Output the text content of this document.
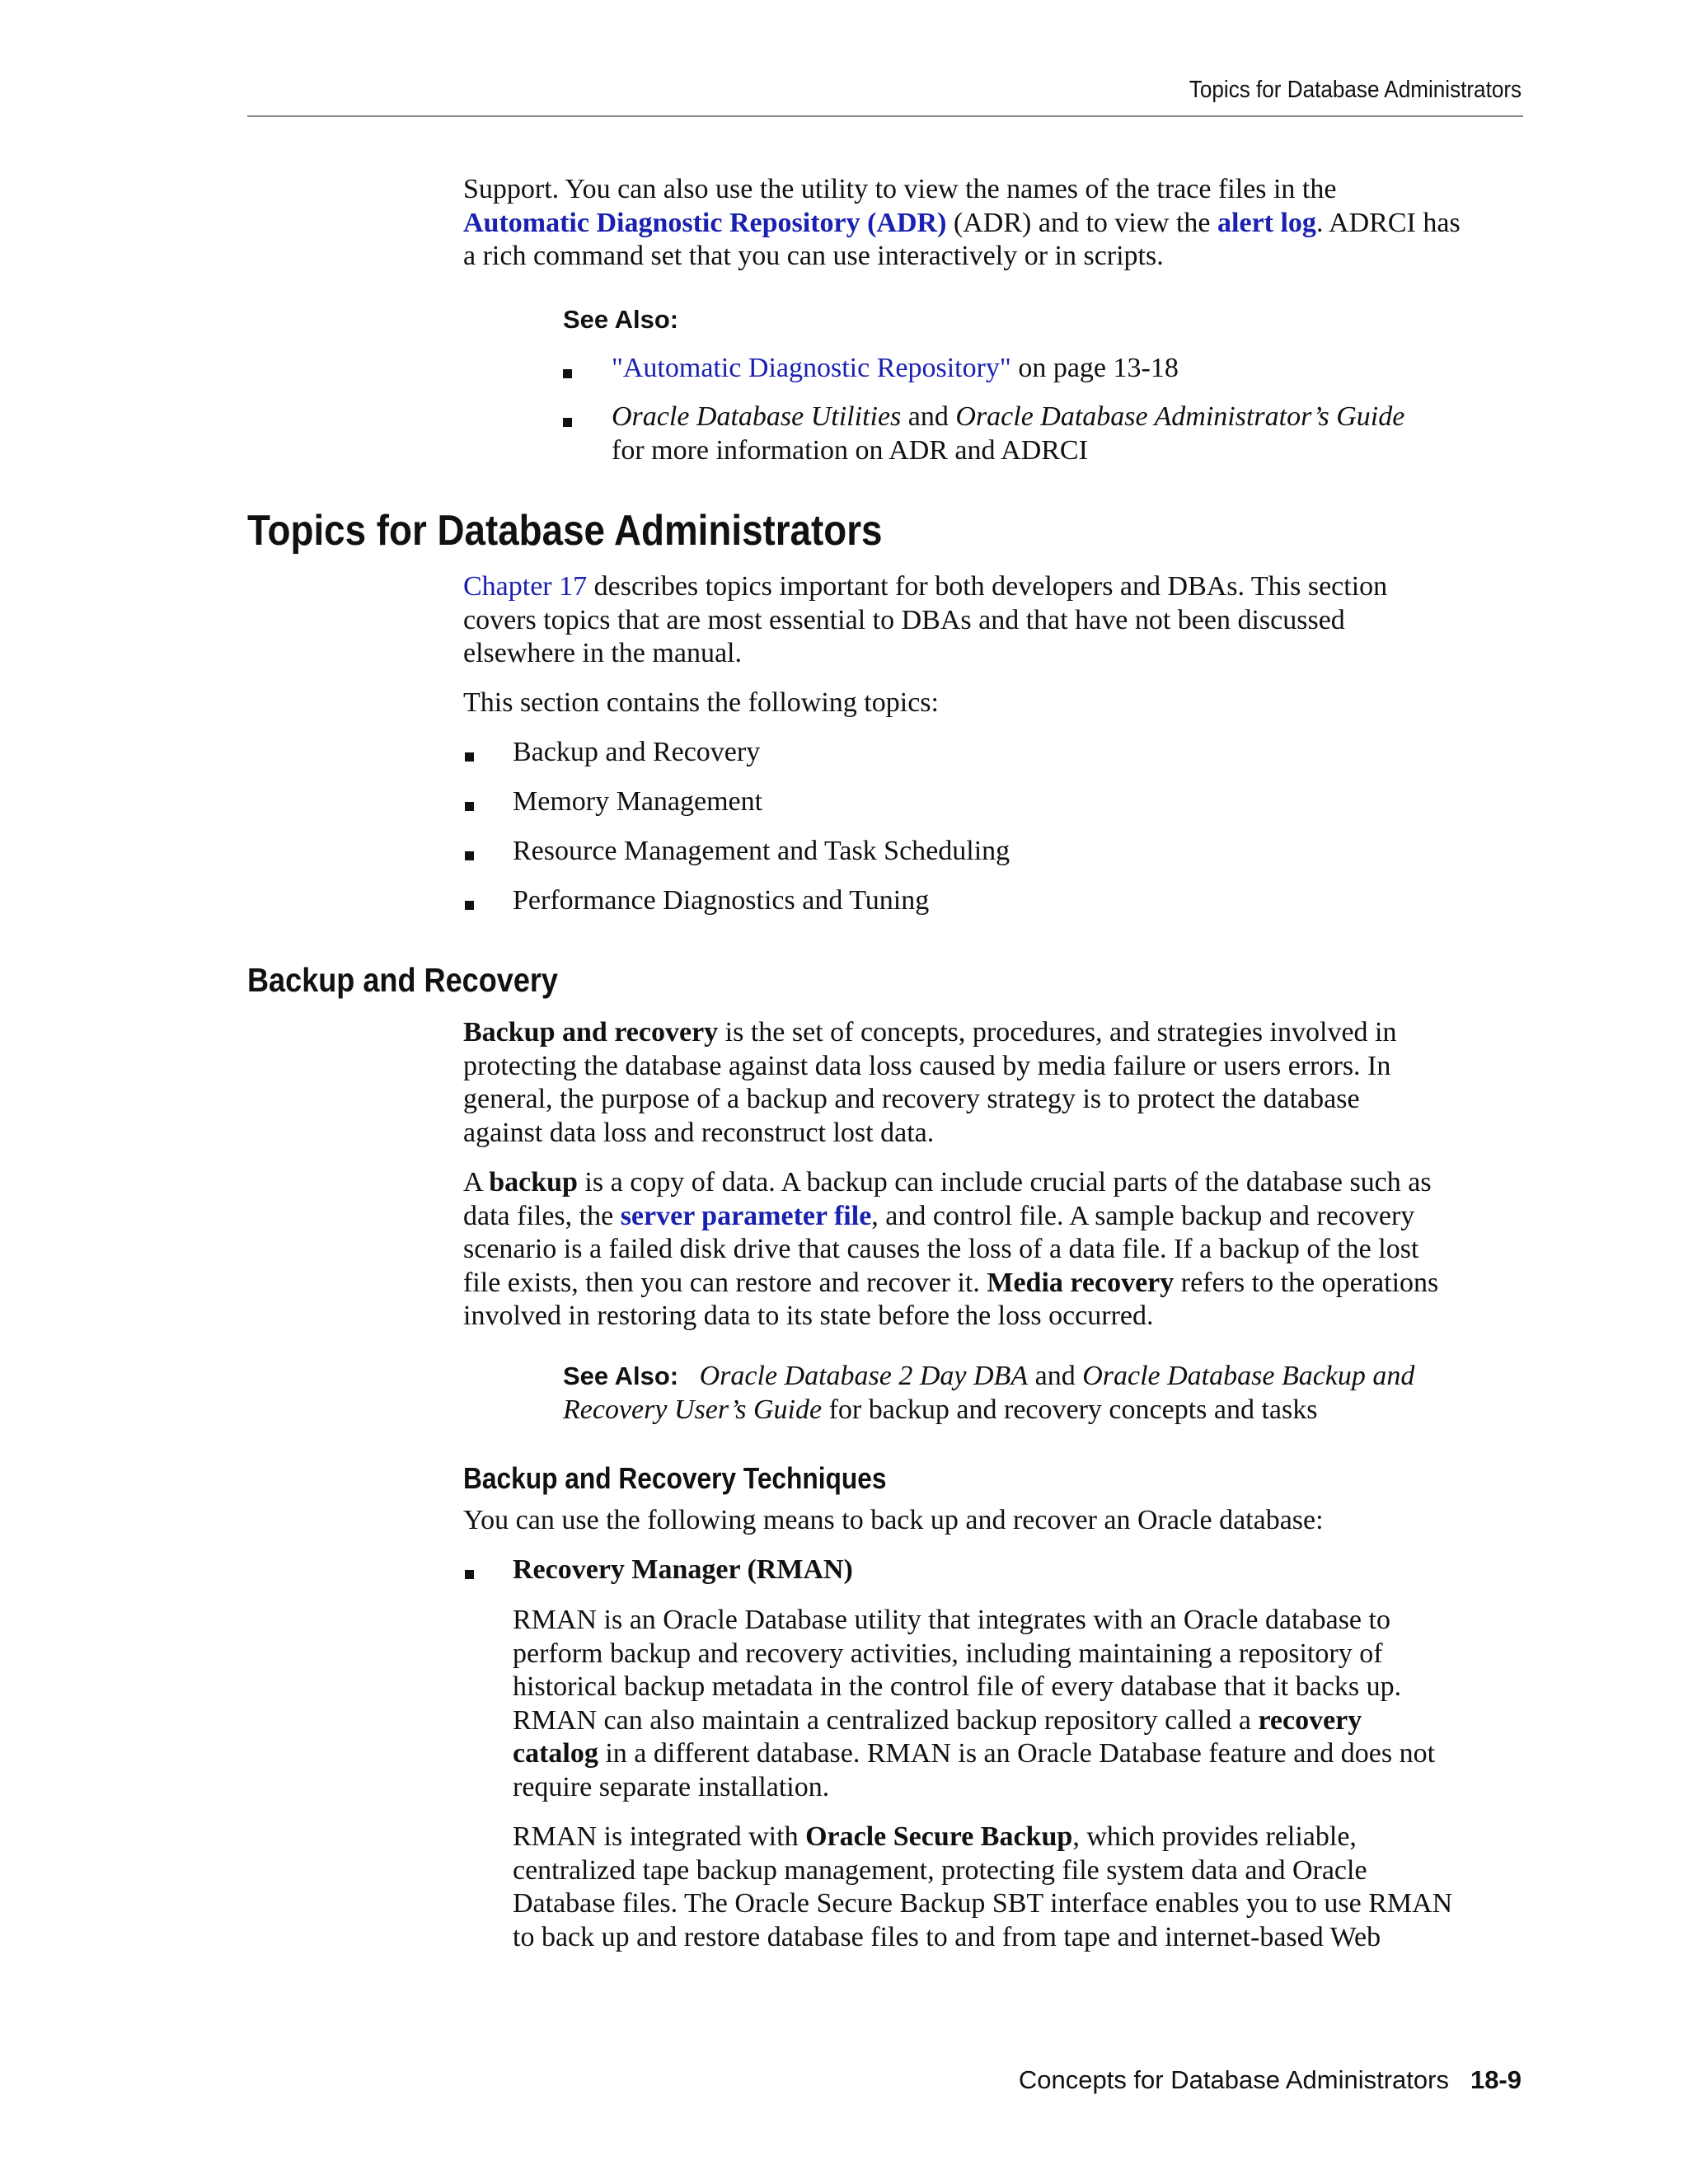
Topics for Database Administrators

Support. You can also use the utility to view the names of the trace files in the
Automatic Diagnostic Repository (ADR) (ADR) and to view the alert log. ADRCI has
a rich command set that you can use interactively or in scripts.

See Also:

"Automatic Diagnostic Repository" on page 13-18

Oracle Database Utilities and Oracle Database Administrator’s Guide
for more information on ADR and ADRCI

Topics for Database Administrators

Chapter 17 describes topics important for both developers and DBAs. This section
covers topics that are most essential to DBAs and that have not been discussed
elsewhere in the manual.

This section contains the following topics:

Backup and Recovery
Memory Management
Resource Management and Task Scheduling
Performance Diagnostics and Tuning
Backup and Recovery

Backup and recovery is the set of concepts, procedures, and strategies involved in
protecting the database against data loss caused by media failure or users errors. In
general, the purpose of a backup and recovery strategy is to protect the database
against data loss and reconstruct lost data.

A backup is a copy of data. A backup can include crucial parts of the database such as
data files, the server parameter file, and control file. A sample backup and recovery
scenario is a failed disk drive that causes the loss of a data file. If a backup of the lost
file exists, then you can restore and recover it. Media recovery refers to the operations
involved in restoring data to its state before the loss occurred.

See Also: Oracle Database 2 Day DBA and Oracle Database Backup and
Recovery User’s Guide for backup and recovery concepts and tasks

Backup and Recovery Techniques

You can use the following means to back up and recover an Oracle database:

Recovery Manager (RMAN)

RMAN is an Oracle Database utility that integrates with an Oracle database to
perform backup and recovery activities, including maintaining a repository of
historical backup metadata in the control file of every database that it backs up.
RMAN can also maintain a centralized backup repository called a recovery
catalog in a different database. RMAN is an Oracle Database feature and does not
require separate installation.

RMAN is integrated with Oracle Secure Backup, which provides reliable,
centralized tape backup management, protecting file system data and Oracle
Database files. The Oracle Secure Backup SBT interface enables you to use RMAN
to back up and restore database files to and from tape and internet-based Web

Concepts for Database Administrators 18-9
